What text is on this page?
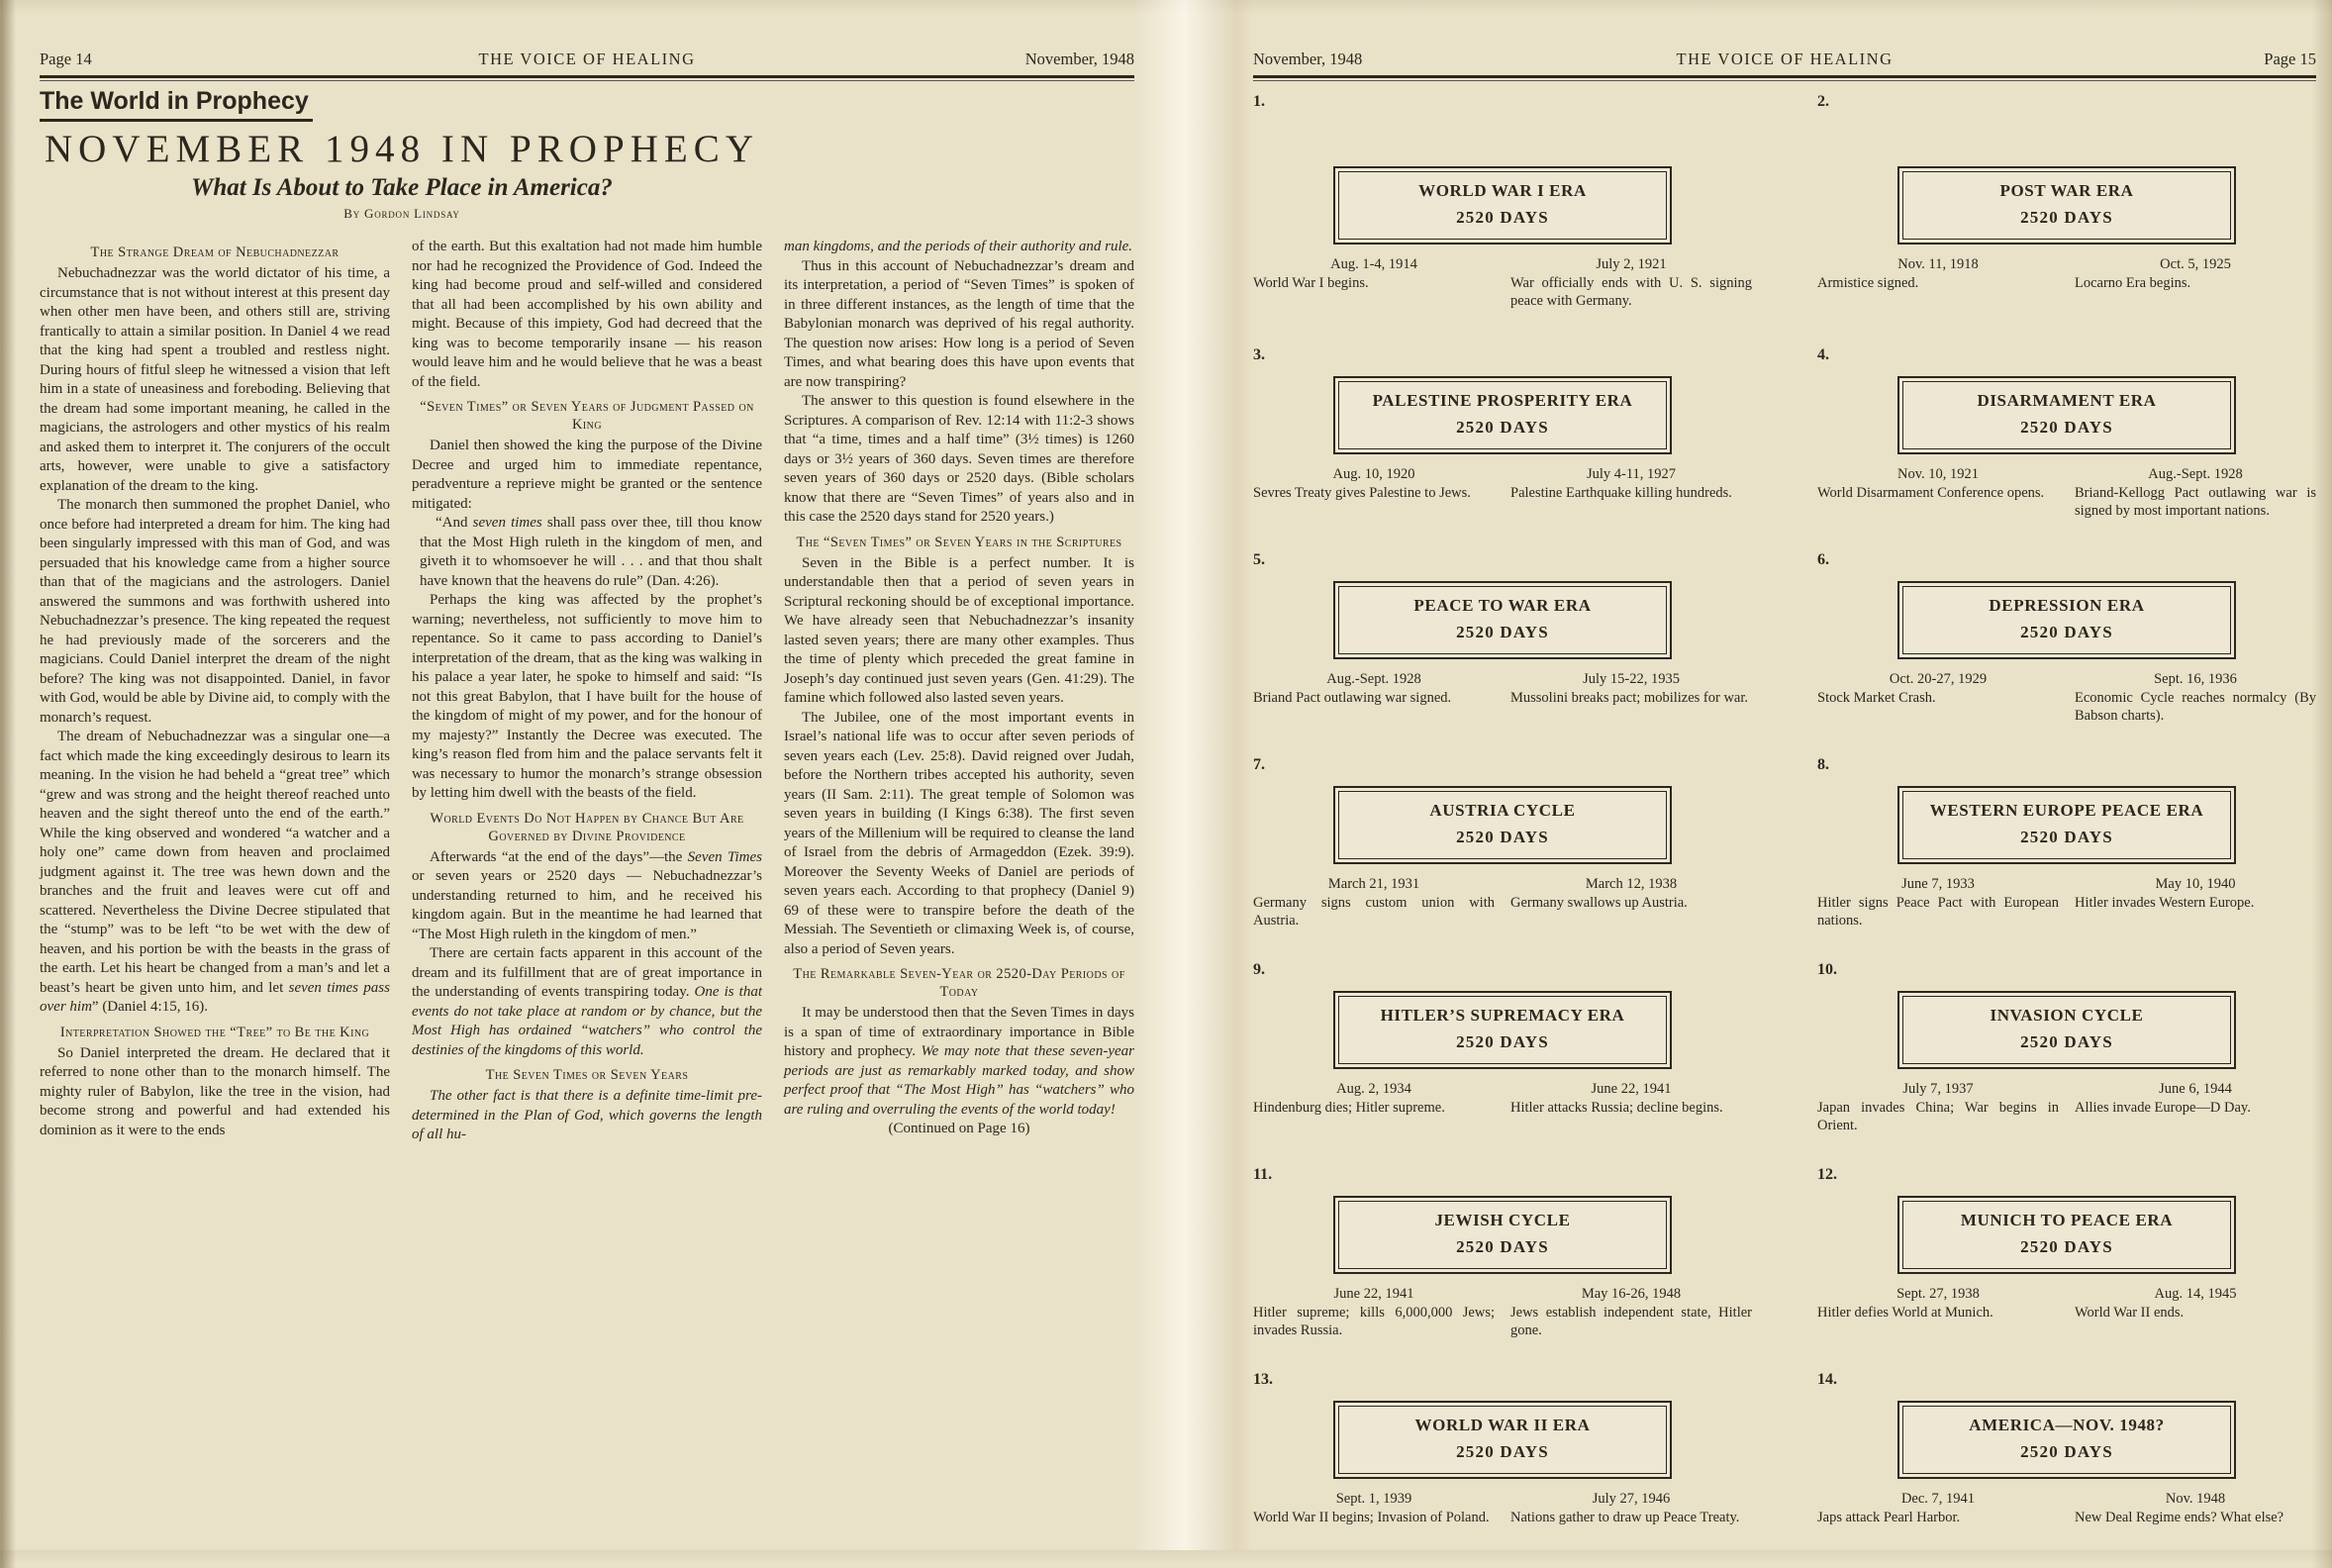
Page 14	THE VOICE OF HEALING	November, 1948
The World in Prophecy
NOVEMBER 1948 IN PROPHECY
What Is About to Take Place in America?
By Gordon Lindsay
The Strange Dream of Nebuchadnezzar

Nebuchadnezzar was the world dictator of his time, a circumstance that is not without interest at this present day when other men have been, and others still are, striving frantically to attain a similar position. In Daniel 4 we read that the king had spent a troubled and restless night. During hours of fitful sleep he witnessed a vision that left him in a state of uneasiness and foreboding. Believing that the dream had some important meaning, he called in the magicians, the astrologers and other mystics of his realm and asked them to interpret it. The conjurers of the occult arts, however, were unable to give a satisfactory explanation of the dream to the king.

The monarch then summoned the prophet Daniel, who once before had interpreted a dream for him. The king had been singularly impressed with this man of God, and was persuaded that his knowledge came from a higher source than that of the magicians and the astrologers. Daniel answered the summons and was forthwith ushered into Nebuchadnezzar’s presence. The king repeated the request he had previously made of the sorcerers and the magicians. Could Daniel interpret the dream of the night before? The king was not disappointed. Daniel, in favor with God, would be able by Divine aid, to comply with the monarch’s request.

The dream of Nebuchadnezzar was a singular one—a fact which made the king exceedingly desirous to learn its meaning. In the vision he had beheld a “great tree” which “grew and was strong and the height thereof reached unto heaven and the sight thereof unto the end of the earth.” While the king observed and wondered “a watcher and a holy one” came down from heaven and proclaimed judgment against it. The tree was hewn down and the branches and the fruit and leaves were cut off and scattered. Nevertheless the Divine Decree stipulated that the “stump” was to be left “to be wet with the dew of heaven, and his portion be with the beasts in the grass of the earth. Let his heart be changed from a man’s and let a beast’s heart be given unto him, and let seven times pass over him” (Daniel 4:15, 16).

Interpretation Showed the “Tree” to Be the King

So Daniel interpreted the dream. He declared that it referred to none other than to the monarch himself. The mighty ruler of Babylon, like the tree in the vision, had become strong and powerful and had extended his dominion as it were to the ends

of the earth. But this exaltation had not made him humble nor had he recognized the Providence of God. Indeed the king had become proud and self-willed and considered that all had been accomplished by his own ability and might. Because of this impiety, God had decreed that the king was to become temporarily insane — his reason would leave him and he would believe that he was a beast of the field.

“Seven Times” or Seven Years of Judgment Passed on King

Daniel then showed the king the purpose of the Divine Decree and urged him to immediate repentance, peradventure a reprieve might be granted or the sentence mitigated:

“And seven times shall pass over thee, till thou know that the Most High ruleth in the kingdom of men, and giveth it to whomsoever he will . . . and that thou shalt have known that the heavens do rule” (Dan. 4:26).

Perhaps the king was affected by the prophet’s warning; nevertheless, not sufficiently to move him to repentance. So it came to pass according to Daniel’s interpretation of the dream, that as the king was walking in his palace a year later, he spoke to himself and said: “Is not this great Babylon, that I have built for the house of the kingdom of might of my power, and for the honour of my majesty?” Instantly the Decree was executed. The king’s reason fled from him and the palace servants felt it was necessary to humor the monarch’s strange obsession by letting him dwell with the beasts of the field.

World Events Do Not Happen by Chance But Are Governed by Divine Providence

Afterwards “at the end of the days”—the Seven Times or seven years or 2520 days — Nebuchadnezzar’s understanding returned to him, and he received his kingdom again. But in the meantime he had learned that “The Most High ruleth in the kingdom of men.”

There are certain facts apparent in this account of the dream and its fulfillment that are of great importance in the understanding of events transpiring today. One is that events do not take place at random or by chance, but the Most High has ordained “watchers” who control the destinies of the kingdoms of this world.

The Seven Times or Seven Years

The other fact is that there is a definite time-limit pre-determined in the Plan of God, which governs the length of all hu-

man kingdoms, and the periods of their authority and rule.

Thus in this account of Nebuchadnezzar’s dream and its interpretation, a period of “Seven Times” is spoken of in three different instances, as the length of time that the Babylonian monarch was deprived of his regal authority. The question now arises: How long is a period of Seven Times, and what bearing does this have upon events that are now transpiring?

The answer to this question is found elsewhere in the Scriptures. A comparison of Rev. 12:14 with 11:2-3 shows that “a time, times and a half time” (3½ times) is 1260 days or 3½ years of 360 days. Seven times are therefore seven years of 360 days or 2520 days. (Bible scholars know that there are “Seven Times” of years also and in this case the 2520 days stand for 2520 years.)

The “Seven Times” or Seven Years in the Scriptures

Seven in the Bible is a perfect number. It is understandable then that a period of seven years in Scriptural reckoning should be of exceptional importance. We have already seen that Nebuchadnezzar’s insanity lasted seven years; there are many other examples. Thus the time of plenty which preceded the great famine in Joseph’s day continued just seven years (Gen. 41:29). The famine which followed also lasted seven years.

The Jubilee, one of the most important events in Israel’s national life was to occur after seven periods of seven years each (Lev. 25:8). David reigned over Judah, before the Northern tribes accepted his authority, seven years (II Sam. 2:11). The great temple of Solomon was seven years in building (I Kings 6:38). The first seven years of the Millenium will be required to cleanse the land of Israel from the debris of Armageddon (Ezek. 39:9). Moreover the Seventy Weeks of Daniel are periods of seven years each. According to that prophecy (Daniel 9) 69 of these were to transpire before the death of the Messiah. The Seventieth or climaxing Week is, of course, also a period of Seven years.

The Remarkable Seven-Year or 2520-Day Periods of Today

It may be understood then that the Seven Times in days is a span of time of extraordinary importance in Bible history and prophecy. We may note that these seven-year periods are just as remarkably marked today, and show perfect proof that “The Most High” has “watchers” who are ruling and overruling the events of the world today!

(Continued on Page 16)

November, 1948	THE VOICE OF HEALING	Page 15
1.
WORLD WAR I ERA
2520 DAYS
Aug. 1-4, 1914
World War I begins.
July 2, 1921
War officially ends with U. S. signing peace with Germany.
2.
POST WAR ERA
2520 DAYS
Nov. 11, 1918
Armistice signed.
Oct. 5, 1925
Locarno Era begins.
3.
PALESTINE PROSPERITY ERA
2520 DAYS
Aug. 10, 1920
Sevres Treaty gives Palestine to Jews.
July 4-11, 1927
Palestine Earthquake killing hundreds.
4.
DISARMAMENT ERA
2520 DAYS
Nov. 10, 1921
World Disarmament Conference opens.
Aug.-Sept. 1928
Briand-Kellogg Pact outlawing war is signed by most important nations.
5.
PEACE TO WAR ERA
2520 DAYS
Aug.-Sept. 1928
Briand Pact outlawing war signed.
July 15-22, 1935
Mussolini breaks pact; mobilizes for war.
6.
DEPRESSION ERA
2520 DAYS
Oct. 20-27, 1929
Stock Market Crash.
Sept. 16, 1936
Economic Cycle reaches normalcy (By Babson charts).
7.
AUSTRIA CYCLE
2520 DAYS
March 21, 1931
Germany signs custom union with Austria.
March 12, 1938
Germany swallows up Austria.
8.
WESTERN EUROPE PEACE ERA
2520 DAYS
June 7, 1933
Hitler signs Peace Pact with European nations.
May 10, 1940
Hitler invades Western Europe.
9.
HITLER’S SUPREMACY ERA
2520 DAYS
Aug. 2, 1934
Hindenburg dies; Hitler supreme.
June 22, 1941
Hitler attacks Russia; decline begins.
10.
INVASION CYCLE
2520 DAYS
July 7, 1937
Japan invades China; War begins in Orient.
June 6, 1944
Allies invade Europe—D Day.
11.
JEWISH CYCLE
2520 DAYS
June 22, 1941
Hitler supreme; kills 6,000,000 Jews; invades Russia.
May 16-26, 1948
Jews establish independent state, Hitler gone.
12.
MUNICH TO PEACE ERA
2520 DAYS
Sept. 27, 1938
Hitler defies World at Munich.
Aug. 14, 1945
World War II ends.
13.
WORLD WAR II ERA
2520 DAYS
Sept. 1, 1939
World War II begins; Invasion of Poland.
July 27, 1946
Nations gather to draw up Peace Treaty.
14.
AMERICA—NOV. 1948?
2520 DAYS
Dec. 7, 1941
Japs attack Pearl Harbor.
Nov. 1948
New Deal Regime ends? What else?
